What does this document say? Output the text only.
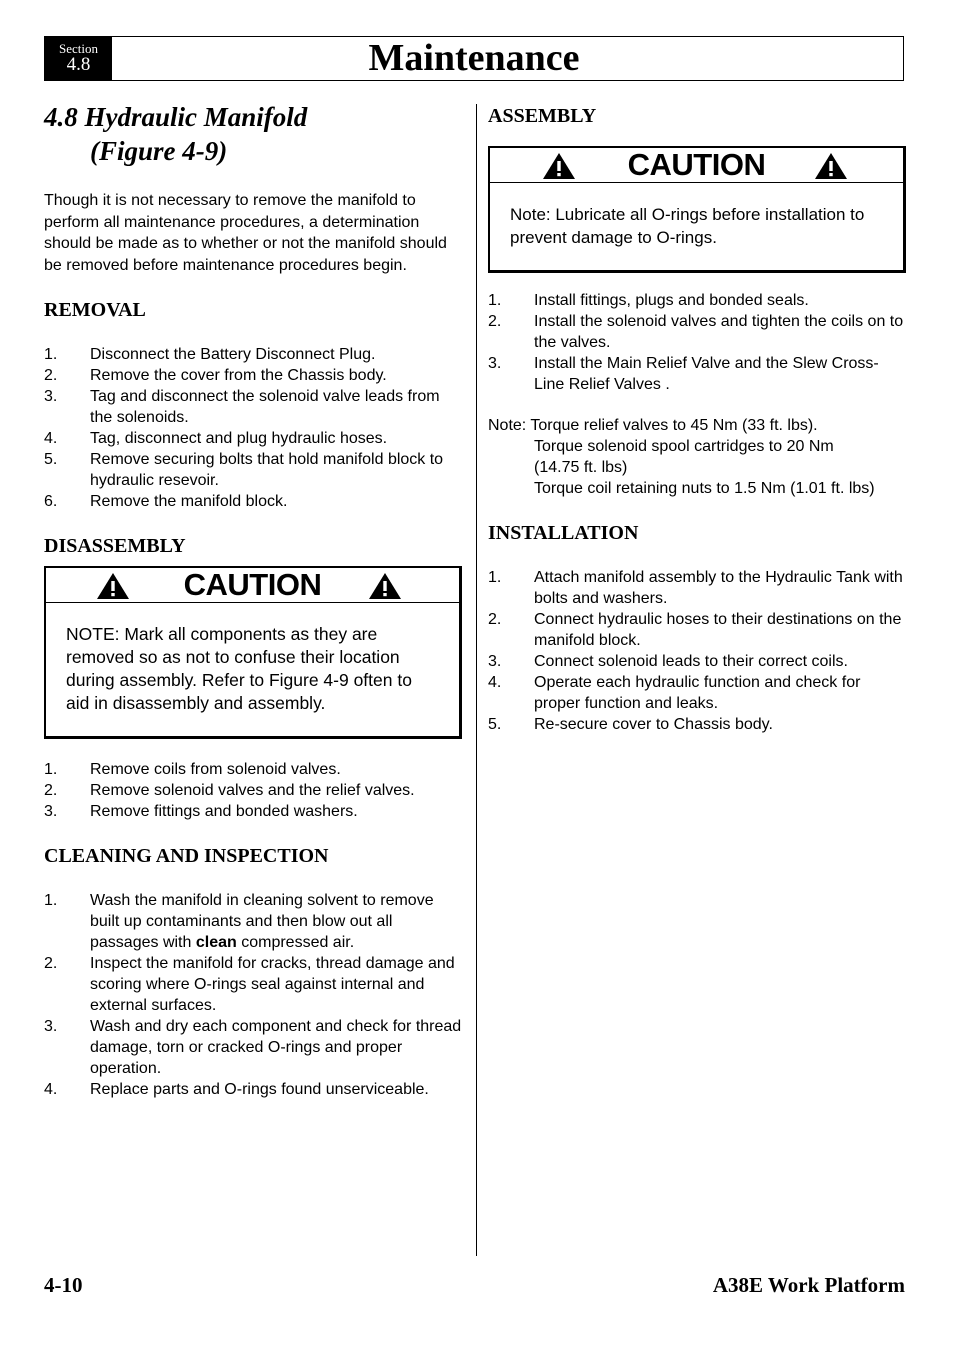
Section
4.8	Maintenance
4.8 Hydraulic Manifold
(Figure 4-9)

Though it is not necessary to remove the manifold to perform all maintenance procedures, a determination should be made as to whether or not the manifold should be removed before maintenance procedures begin.

REMOVAL
1. Disconnect the Battery Disconnect Plug.
2. Remove the cover from the Chassis body.
3. Tag and disconnect the solenoid valve leads from the solenoids.
4. Tag, disconnect and plug hydraulic hoses.
5. Remove securing bolts that hold manifold block to hydraulic resevoir.
6. Remove the manifold block.
DISASSEMBLY
CAUTION
NOTE: Mark all components as they are removed so as not to confuse their location during assembly. Refer to Figure 4-9 often to aid in disassembly and assembly.
1. Remove coils from solenoid valves.
2. Remove solenoid valves and the relief valves.
3. Remove fittings and bonded washers.
CLEANING AND INSPECTION
1. Wash the manifold in cleaning solvent to remove built up contaminants and then blow out all passages with clean compressed air.
2. Inspect the manifold for cracks, thread damage and scoring where O-rings seal against internal and external surfaces.
3. Wash and dry each component and check for thread damage, torn or cracked O-rings and proper operation.
4. Replace parts and O-rings found unserviceable.
ASSEMBLY
CAUTION
Note: Lubricate all O-rings before installation to prevent damage to O-rings.
1. Install fittings, plugs and bonded seals.
2. Install the solenoid valves and tighten the coils on to the valves.
3. Install the Main Relief Valve and the Slew Cross- Line Relief Valves .
Note: Torque relief valves to 45 Nm (33 ft. lbs).
Torque solenoid spool cartridges to 20 Nm (14.75 ft. lbs)
Torque coil retaining nuts to 1.5 Nm (1.01 ft. lbs)
INSTALLATION
1. Attach manifold assembly to the Hydraulic Tank with bolts and washers.
2. Connect hydraulic hoses to their destinations on the manifold block.
3. Connect solenoid leads to their correct coils.
4. Operate each hydraulic function and check for proper function and leaks.
5. Re-secure cover to Chassis body.
4-10	A38E Work Platform
